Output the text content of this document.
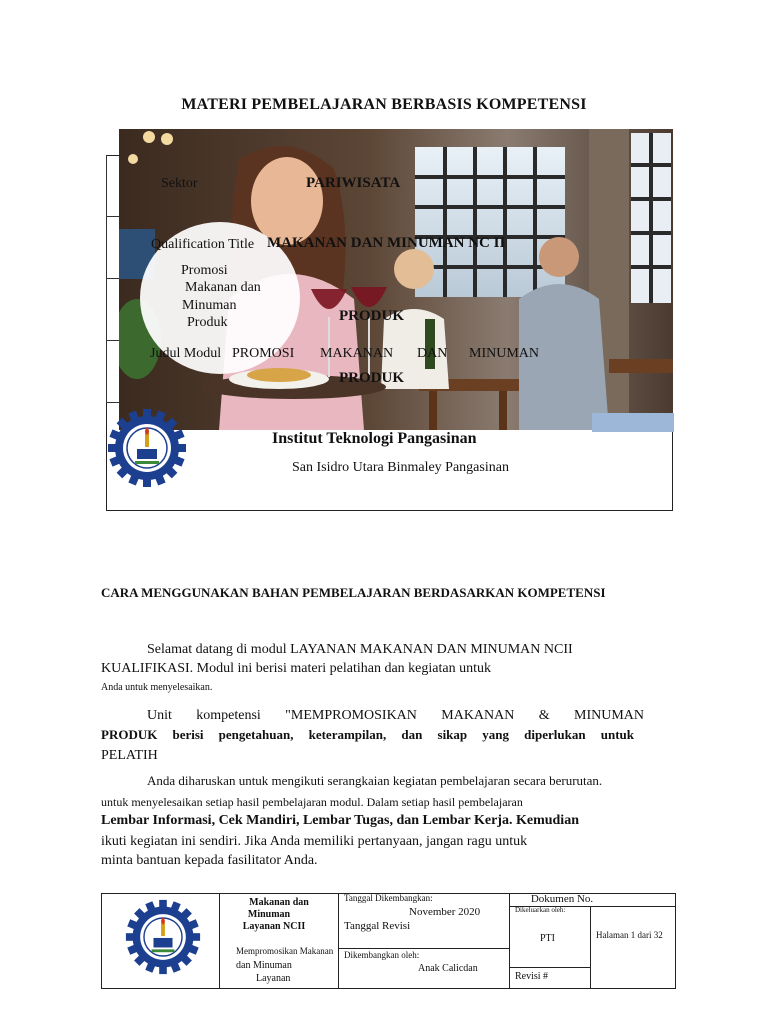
MATERI PEMBELAJARAN BERBASIS KOMPETENSI
Sektor	PARIWISATA
Qualification Title MAKANAN DAN MINUMAN NC II
Promosi
Makanan dan
Minuman
Produk	PRODUK
Judul Modul PROMOSI MAKANAN DAN MINUMAN
PRODUK
Institut Teknologi Pangasinan
San Isidro Utara Binmaley Pangasinan
CARA MENGGUNAKAN BAHAN PEMBELAJARAN BERDASARKAN KOMPETENSI
Selamat datang di modul LAYANAN MAKANAN DAN MINUMAN NCII
KUALIFIKASI. Modul ini berisi materi pelatihan dan kegiatan untuk
Anda untuk menyelesaikan.
Unit kompetensi "MEMPROMOSIKAN MAKANAN & MINUMAN
PRODUK berisi pengetahuan, keterampilan, dan sikap yang diperlukan untuk
PELATIH
Anda diharuskan untuk mengikuti serangkaian kegiatan pembelajaran secara berurutan.
untuk menyelesaikan setiap hasil pembelajaran modul. Dalam setiap hasil pembelajaran
Lembar Informasi, Cek Mandiri, Lembar Tugas, dan Lembar Kerja. Kemudian
ikuti kegiatan ini sendiri. Jika Anda memiliki pertanyaan, jangan ragu untuk
minta bantuan kepada fasilitator Anda.
Makanan dan
Minuman
Layanan NCII
Mempromosikan Makanan
dan Minuman
Layanan
Tanggal Dikembangkan:
November 2020
Tanggal Revisi
Dikembangkan oleh:
Anak Calicdan
Dokumen No.
Dikeluarkan oleh:
PTI
Revisi #
Halaman 1 dari 32
